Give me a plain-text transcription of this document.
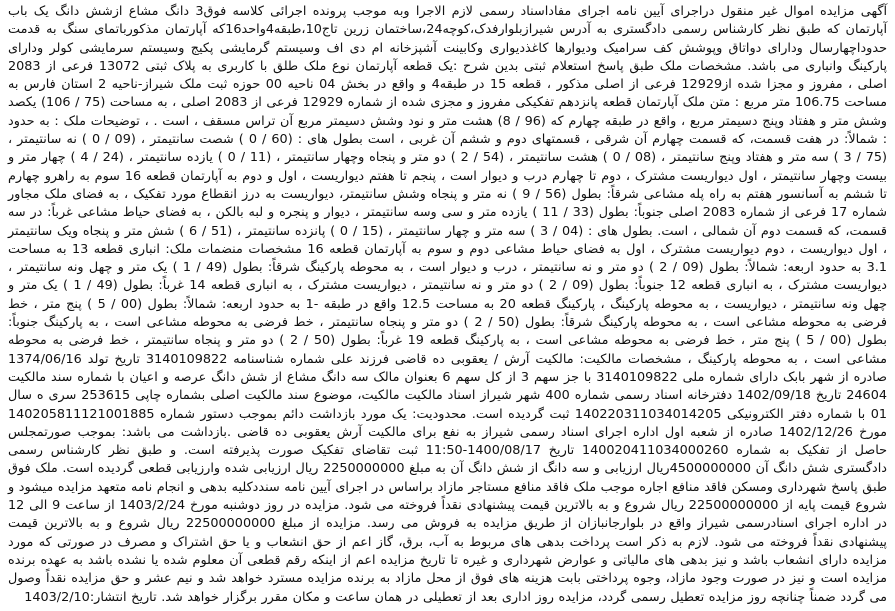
آگهی مزایده اموال غیر منقول دراجرای آیین نامه اجرای مفاداسناد رسمی لازم الاجرا وبه موجب پرونده اجرائی کلاسه فوق3 دانگ مشاع ازشش دانگ یک باب آپارتمان که طبق نظر کارشناس رسمی دادگستری به آدرس شیرازبلوارفدک،کوچه24،ساختمان زرین تاج10،طبقه4واحد16که آپارتمان مذکورباتمای سنگ به قدمت حدوداچهارسال ودارای دواتاق وپوشش کف سرامیک ودیوارها کاغذدیواری وکابینت آشپزخانه ام دی اف وسیستم گرمایشی پکیج وسیستم سرمایشی کولر ودارای پارکینگ وانباری می باشد. مشخصات ملک طبق پاسخ استعلام ثبتی بدین شرح :یک قطعه آپارتمان نوع ملک طلق با کاربری به پلاک ثبتی 13072 فرعی از 2083 اصلی ، مفروز و مجزا شده از12929 فرعی از اصلی مذکور ، قطعه 15 در طبقه4 و واقع در بخش 04 ناحیه 00 حوزه ثبت ملک شیراز-ناحیه 2 استان فارس به مساحت 106.75 متر مربع : متن ملک آپارتمان قطعه پانزدهم تفکیکی مفروز و مجزی شده از شماره 12929 فرعی از 2083 اصلی ، به مساحت (75 / 106) یکصد وشش متر و هفتاد وپنج دسیمتر مربع ، واقع در طبقه چهارم که (96 / 8) هشت متر و نود وشش دسیمتر مربع آن تراس مسقف ، است . ، توضیحات ملک : به حدود : شمالاً: در هفت قسمت، که قسمت چهارم آن شرقی ، قسمتهای دوم و ششم آن غربی ، است بطول های : (60 / 0 ) شصت سانتیمتر ، (09 / 0 ) نه سانتیمتر ، (75 / 3 ) سه متر و هفتاد وپنج سانتیمتر ، (08 / 0 ) هشت سانتیمتر ، (54 / 2 ) دو متر و پنجاه وچهار سانتیمتر ، (11 / 0 ) یازده سانتیمتر ، (24 / 4 ) چهار متر و بیست وچهار سانتیمتر ، اول دیواریست مشترک ، دوم تا چهارم درب و دیوار است ، پنجم تا هفتم دیواریست ، اول و دوم به آپارتمان قطعه 16 سوم به راهرو چهارم تا ششم به آسانسور هفتم به راه پله مشاعی شرقاً: بطول (56 / 9 ) نه متر و پنجاه وشش سانتیمتر، دیواریست به درز انقطاع مورد تفکیک ، به فضای ملک مجاور شماره 17 فرعی از شماره 2083 اصلی جنوباً: بطول (33 / 11 ) یازده متر و سی وسه سانتیمتر ، دیوار و پنجره و لبه بالکن ، به فضای حیاط مشاعی غرباً: در سه قسمت، که قسمت دوم آن شمالی ، است. بطول های : (04 / 3 ) سه متر و چهار سانتیمتر ، (15 / 0 ) پانزده سانتیمتر ، (51 / 6 ) شش متر و پنجاه ویک سانتیمتر ، اول دیواریست ، دوم دیواریست مشترک ، اول به فضای حیاط مشاعی دوم و سوم به آپارتمان قطعه 16 مشخصات منضمات ملک: انباری قطعه 13 به مساحت 3.1 به حدود اربعه: شمالاً: بطول (09 / 2 ) دو متر و نه سانتیمتر ، درب و دیوار است ، به محوطه پارکینگ شرقاً: بطول (49 / 1 ) یک متر و چهل ونه سانتیمتر ، دیواریست مشترک ، به انباری قطعه 12 جنوباً: بطول (09 / 2 ) دو متر و نه سانتیمتر ، دیواریست مشترک ، به انباری قطعه 14 غرباً: بطول (49 / 1 ) یک متر و چهل ونه سانتیمتر ، دیواریست ، به محوطه پارکینگ ، پارکینگ قطعه 20 به مساحت 12.5 واقع در طبقه -1 به حدود اربعه: شمالاً: بطول (00 / 5 ) پنج متر ، خط فرضی به محوطه مشاعی است ، به محوطه پارکینگ شرقاً: بطول (50 / 2 ) دو متر و پنجاه سانتیمتر ، خط فرضی به محوطه مشاعی است ، به پارکینگ جنوباً: بطول (00 / 5 ) پنج متر ، خط فرضی به محوطه مشاعی است ، به پارکینگ قطعه 19 غرباً: بطول (50 / 2 ) دو متر و پنجاه سانتیمتر ، خط فرضی به محوطه مشاعی است ، به محوطه پارکینگ ، مشخصات مالکیت: مالکیت آرش / یعقوبی ده قاضی فرزند علی شماره شناسنامه 3140109822 تاریخ تولد 1374/06/16 صادره از شهر بابک دارای شماره ملی 3140109822 با جز سهم 3 از کل سهم 6 بعنوان مالک سه دانگ مشاع از شش دانگ عرصه و اعیان با شماره سند مالکیت 24604 تاریخ 1402/09/18 دفترخانه اسناد رسمی شماره 400 شهر شیراز اسناد مالکیت مالکیت، موضوع سند مالکیت اصلی بشماره چاپی 253615 سری ه سال 01 با شماره دفتر الکترونیکی 140220311034014205 ثبت گردیده است. محدودیت: یک مورد بازداشت دائم بموجب دستور شماره 140205811121001885 مورخ 1402/12/26 صادره از شعبه اول اداره اجرای اسناد رسمی شیراز به نفع برای مالکیت آرش یعقوبی ده قاضی .بازداشت می باشد: بموجب صورتمجلس حاصل از تفکیک به شماره 140020411034000260 تاریخ 1400/08/17-11:50 ثبت تقاضای تفکیک صورت پذیرفته است. و طبق نظر کارشناس رسمی دادگستری شش دانگ آن 4500000000ریال ارزیابی و سه دانگ از شش دانگ آن به مبلغ 2250000000 ریال ارزیابی شده وارزیابی قطعی گردیده است. ملک فوق طبق پاسخ شهرداری ومسکن فاقد منافع اجاره موجب ملک فاقد منافع مستاجر مازاد براساس در اجرای آیین نامه سنددکلیه بدهی و انجام نامه متعهد مزایده میشود و شروع قیمت پایه از 22500000000 ریال شروع و به بالاترین قیمت پیشنهادی نقداً فروخته می شود. مزایده در روز دوشنبه مورخ 1403/2/24 از ساعت 9 الی 12 در اداره اجرای اسنادرسمی شیراز واقع در بلوارجانبازان از طریق مزایده به فروش می رسد. مزایده از مبلغ 22500000000 ریال شروع و به بالاترین قیمت پیشنهادی نقداً فروخته می شود. لازم به ذکر است پرداخت بدهی های مربوط به آب، برق، گاز اعم از حق انشعاب و یا حق اشتراک و مصرف در صورتی که مورد مزایده دارای انشعاب باشد و نیز بدهی های مالیاتی و عوارض شهرداری و غیره تا تاریخ مزایده اعم از اینکه رقم قطعی آن معلوم شده یا نشده باشد به عهده برنده مزایده است و نیز در صورت وجود مازاد، وجوه پرداختی بابت هزینه های فوق از محل مازاد به برنده مزایده مسترد خواهد شد و نیم عشر و حق مزایده نقداً وصول می گردد ضمناً چنانچه روز مزایده تعطیل رسمی گردد، مزایده روز اداری بعد از تعطیلی در همان ساعت و مکان مقرر برگزار خواهد شد. تاریخ انتشار:1403/2/10
